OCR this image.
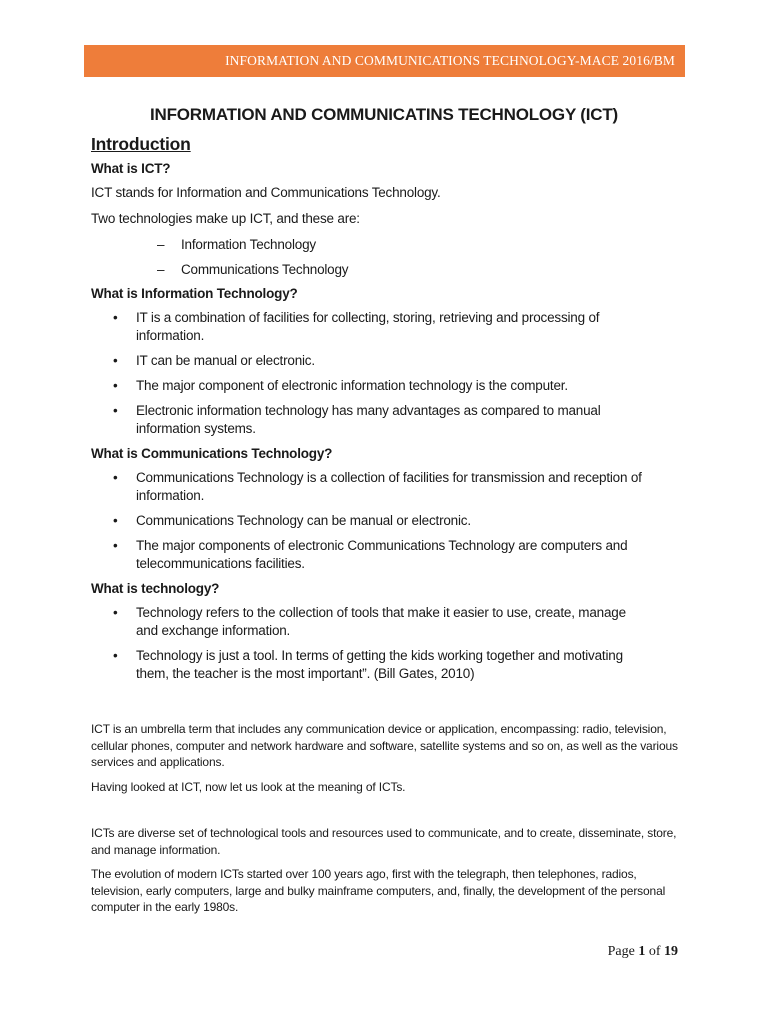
INFORMATION AND COMMUNICATIONS TECHNOLOGY-MACE 2016/BM
INFORMATION AND COMMUNICATINS TECHNOLOGY (ICT)
Introduction
What is ICT?

ICT stands for Information and Communications Technology.

Two technologies make up ICT, and these are:

– Information Technology
– Communications Technology
What is Information Technology?
• IT is a combination of facilities for collecting, storing, retrieving and processing of information.
• IT can be manual or electronic.
• The major component of electronic information technology is the computer.
• Electronic information technology has many advantages as compared to manual information systems.
What is Communications Technology?
• Communications Technology is a collection of facilities for transmission and reception of information.
• Communications Technology can be manual or electronic.
• The major components of electronic Communications Technology are computers and telecommunications facilities.
What is technology?
• Technology refers to the collection of tools that make it easier to use, create, manage and exchange information.
• Technology is just a tool. In terms of getting the kids working together and motivating them, the teacher is the most important”. (Bill Gates, 2010)

ICT is an umbrella term that includes any communication device or application, encompassing: radio, television, cellular phones, computer and network hardware and software, satellite systems and so on, as well as the various services and applications.

Having looked at ICT, now let us look at the meaning of ICTs.

ICTs are diverse set of technological tools and resources used to communicate, and to create, disseminate, store, and manage information.

The evolution of modern ICTs started over 100 years ago, first with the telegraph, then telephones, radios, television, early computers, large and bulky mainframe computers, and, finally, the development of the personal computer in the early 1980s.

Page 1 of 19
